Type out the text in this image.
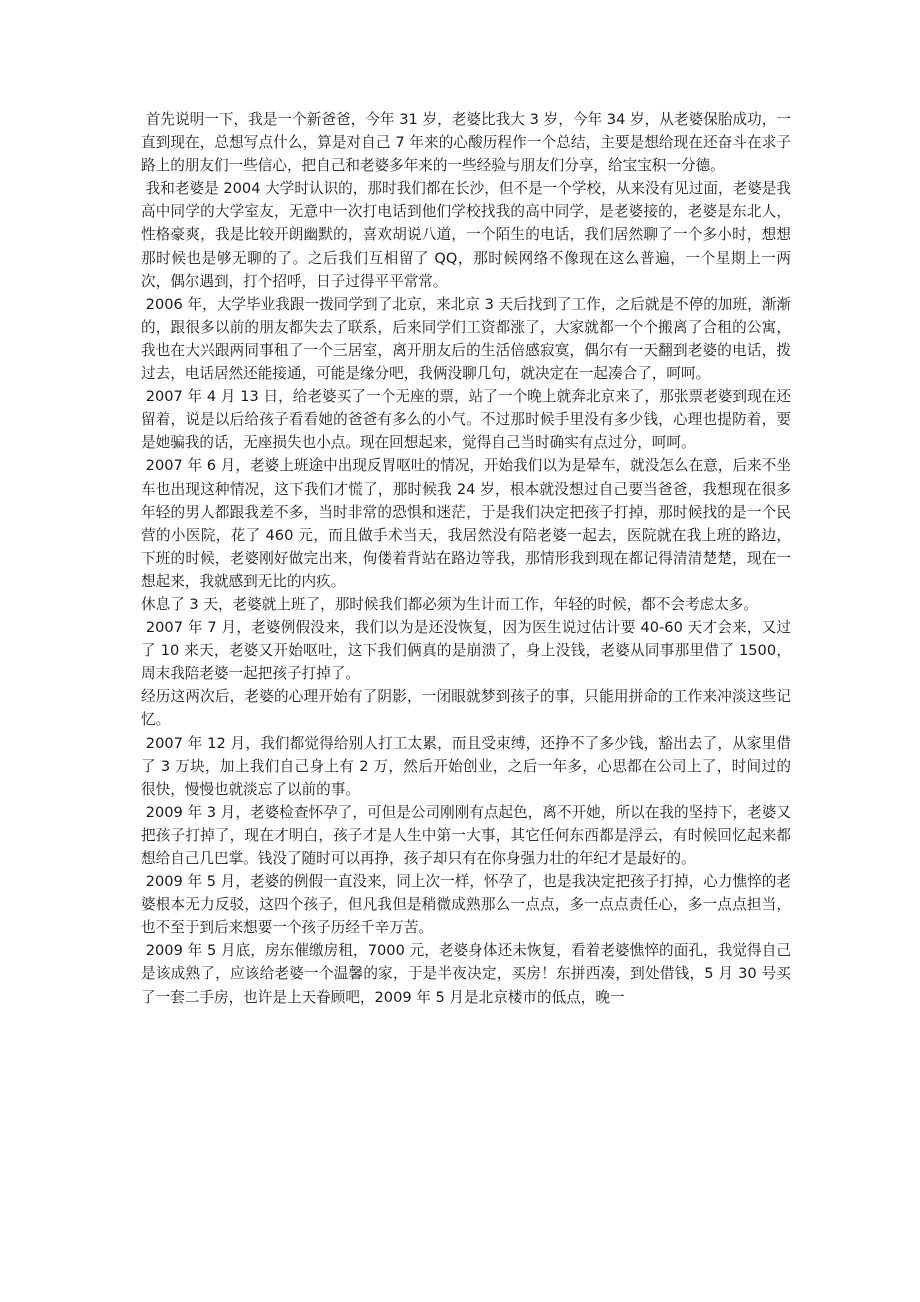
首先说明一下，我是一个新爸爸，今年 31 岁，老婆比我大 3 岁，今年 34 岁，从老婆保胎成功，一直到现在，总想写点什么，算是对自己 7 年来的心酸历程作一个总结，主要是想给现在还奋斗在求子路上的朋友们一些信心，把自己和老婆多年来的一些经验与朋友们分享，给宝宝积一分德。

我和老婆是 2004 大学时认识的，那时我们都在长沙，但不是一个学校，从来没有见过面，老婆是我高中同学的大学室友，无意中一次打电话到他们学校找我的高中同学，是老婆接的，老婆是东北人，性格豪爽，我是比较开朗幽默的，喜欢胡说八道，一个陌生的电话，我们居然聊了一个多小时，想想那时候也是够无聊的了。之后我们互相留了 QQ，那时候网络不像现在这么普遍，一个星期上一两次，偶尔遇到，打个招呼，日子过得平平常常。

2006 年，大学毕业我跟一拨同学到了北京，来北京 3 天后找到了工作，之后就是不停的加班，渐渐的，跟很多以前的朋友都失去了联系，后来同学们工资都涨了，大家就都一个个搬离了合租的公寓，我也在大兴跟两同事租了一个三居室，离开朋友后的生活倍感寂寞，偶尔有一天翻到老婆的电话，拨过去，电话居然还能接通，可能是缘分吧，我俩没聊几句，就决定在一起凑合了，呵呵。

2007 年 4 月 13 日，给老婆买了一个无座的票，站了一个晚上就奔北京来了，那张票老婆到现在还留着，说是以后给孩子看看她的爸爸有多么的小气。不过那时候手里没有多少钱，心理也提防着，要是她骗我的话，无座损失也小点。现在回想起来，觉得自己当时确实有点过分，呵呵。

2007 年 6 月，老婆上班途中出现反胃呕吐的情况，开始我们以为是晕车，就没怎么在意，后来不坐车也出现这种情况，这下我们才慌了，那时候我 24 岁，根本就没想过自己要当爸爸，我想现在很多年轻的男人都跟我差不多，当时非常的恐惧和迷茫，于是我们决定把孩子打掉，那时候找的是一个民营的小医院，花了 460 元，而且做手术当天，我居然没有陪老婆一起去，医院就在我上班的路边，下班的时候，老婆刚好做完出来，佝偻着背站在路边等我，那情形我到现在都记得清清楚楚，现在一想起来，我就感到无比的内疚。

休息了 3 天，老婆就上班了，那时候我们都必须为生计而工作，年轻的时候，都不会考虑太多。

2007 年 7 月，老婆例假没来，我们以为是还没恢复，因为医生说过估计要 40-60 天才会来，又过了 10 来天，老婆又开始呕吐，这下我们俩真的是崩溃了，身上没钱，老婆从同事那里借了 1500，周末我陪老婆一起把孩子打掉了。

经历这两次后，老婆的心理开始有了阴影，一闭眼就梦到孩子的事，只能用拼命的工作来冲淡这些记忆。

2007 年 12 月，我们都觉得给别人打工太累，而且受束缚，还挣不了多少钱，豁出去了，从家里借了 3 万块，加上我们自己身上有 2 万，然后开始创业，之后一年多，心思都在公司上了，时间过的很快，慢慢也就淡忘了以前的事。

2009 年 3 月，老婆检查怀孕了，可但是公司刚刚有点起色，离不开她，所以在我的坚持下，老婆又把孩子打掉了，现在才明白，孩子才是人生中第一大事，其它任何东西都是浮云，有时候回忆起来都想给自己几巴掌。钱没了随时可以再挣，孩子却只有在你身强力壮的年纪才是最好的。

2009 年 5 月，老婆的例假一直没来，同上次一样，怀孕了，也是我决定把孩子打掉，心力憔悴的老婆根本无力反驳，这四个孩子，但凡我但是稍微成熟那么一点点，多一点点责任心，多一点点担当，也不至于到后来想要一个孩子历经千辛万苦。

2009 年 5 月底，房东催缴房租，7000 元，老婆身体还未恢复，看着老婆憔悴的面孔，我觉得自己是该成熟了，应该给老婆一个温馨的家，于是半夜决定，买房！东拼西凑，到处借钱，5 月 30 号买了一套二手房，也许是上天眷顾吧，2009 年 5 月是北京楼市的低点，晚一
